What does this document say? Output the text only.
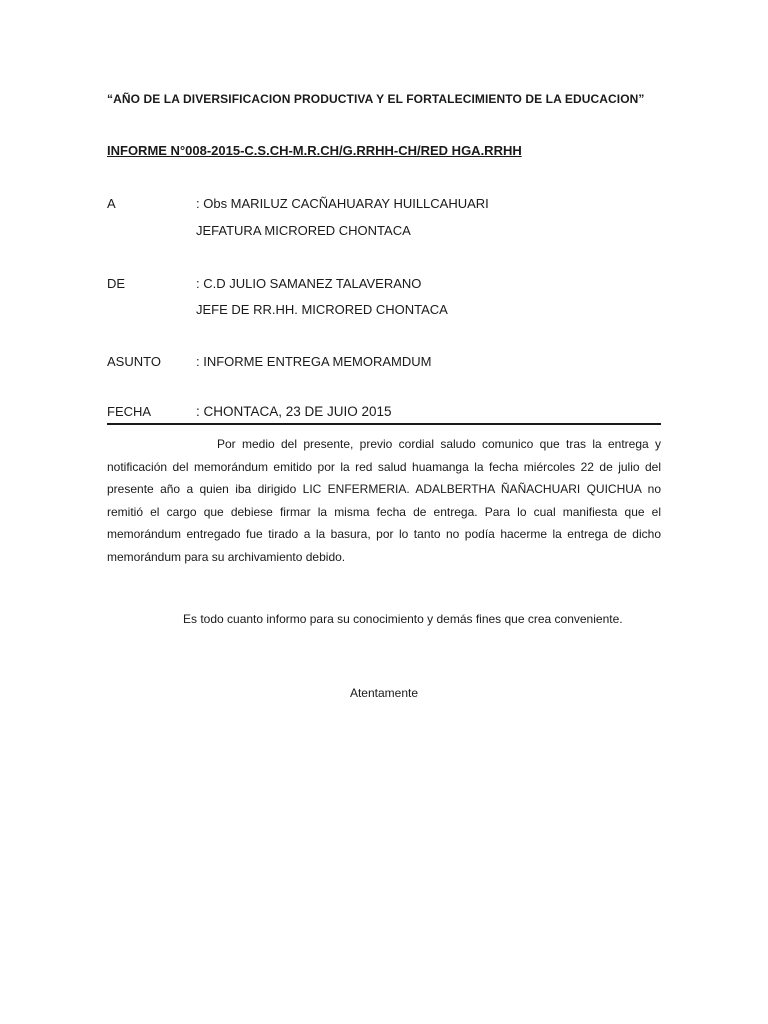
“AÑO DE LA DIVERSIFICACION PRODUCTIVA Y EL FORTALECIMIENTO DE LA EDUCACION”
INFORME N°008-2015-C.S.CH-M.R.CH/G.RRHH-CH/RED HGA.RRHH
A	: Obs MARILUZ CACÑAHUARAY HUILLCAHUARI
JEFATURA MICRORED CHONTACA
DE	: C.D JULIO SAMANEZ TALAVERANO
JEFE DE RR.HH. MICRORED CHONTACA
ASUNTO	: INFORME ENTREGA MEMORAMDUM
FECHA	: CHONTACA, 23 DE JUIO 2015

Por medio del presente, previo cordial saludo comunico que tras la entrega y notificación del memorándum emitido por la red salud huamanga la fecha miércoles 22 de julio del presente año a quien iba dirigido LIC ENFERMERIA. ADALBERTHA ÑAÑACHUARI QUICHUA no remitió el cargo que debiese firmar la misma fecha de entrega. Para lo cual manifiesta que el memorándum entregado fue tirado a la basura, por lo tanto no podía hacerme la entrega de dicho memorándum para su archivamiento debido.

Es todo cuanto informo para su conocimiento y demás fines que crea conveniente.
Atentamente
